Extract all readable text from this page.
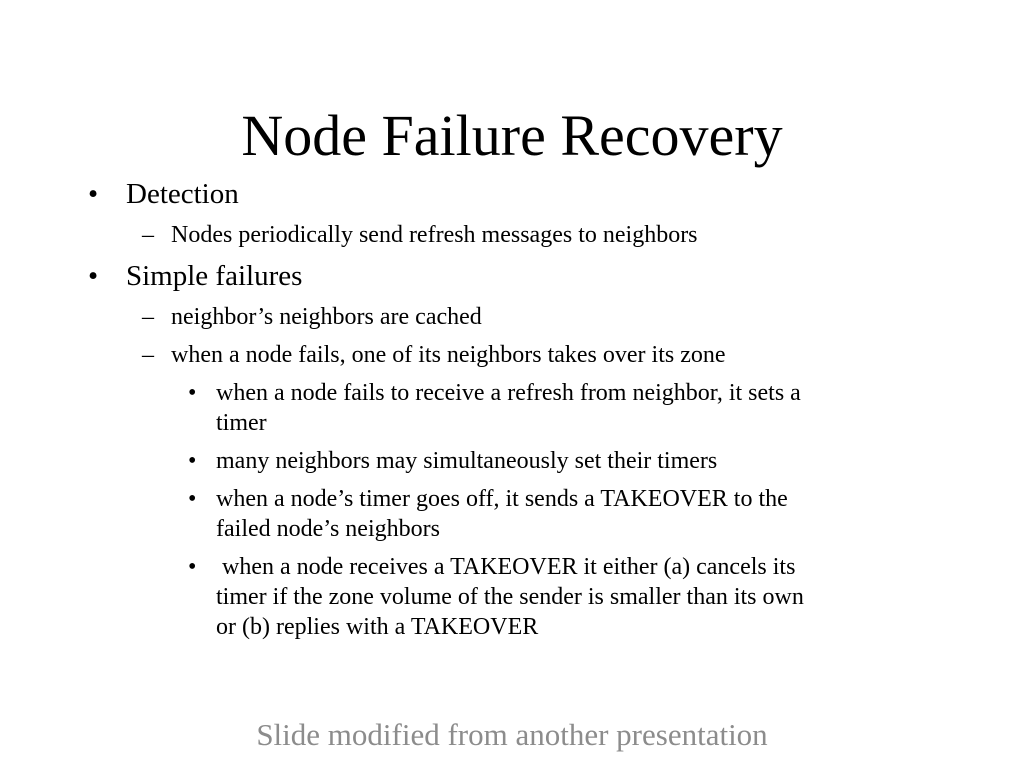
Node Failure Recovery
• Detection
– Nodes periodically send refresh messages to neighbors
• Simple failures
– neighbor’s neighbors are cached
– when a node fails, one of its neighbors takes over its zone
• when a node fails to receive a refresh from neighbor, it sets a
timer
• many neighbors may simultaneously set their timers
• when a node’s timer goes off, it sends a TAKEOVER to the
failed node’s neighbors
• when a node receives a TAKEOVER it either (a) cancels its
timer if the zone volume of the sender is smaller than its own
or (b) replies with a TAKEOVER
Slide modified from another presentation
